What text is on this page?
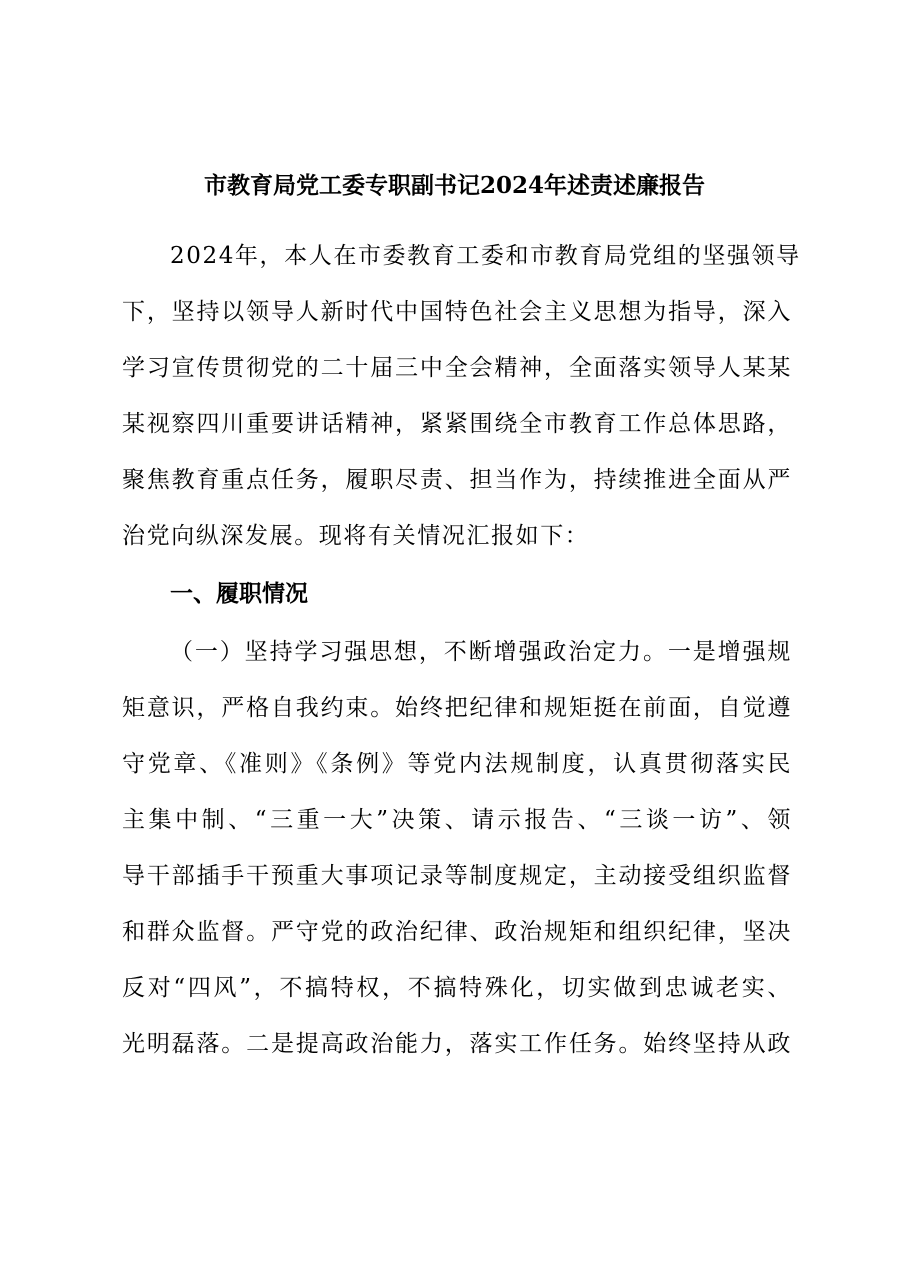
市教育局党工委专职副书记2024年述责述廉报告
2024年，本人在市委教育工委和市教育局党组的坚强领导
下，坚持以领导人新时代中国特色社会主义思想为指导，深入
学习宣传贯彻党的二十届三中全会精神，全面落实领导人某某
某视察四川重要讲话精神，紧紧围绕全市教育工作总体思路，
聚焦教育重点任务，履职尽责、担当作为，持续推进全面从严
治党向纵深发展。现将有关情况汇报如下：
一、履职情况
（一）坚持学习强思想，不断增强政治定力。一是增强规
矩意识，严格自我约束。始终把纪律和规矩挺在前面，自觉遵
守党章、《准则》《条例》等党内法规制度，认真贯彻落实民
主集中制、“三重一大”决策、请示报告、“三谈一访”、领
导干部插手干预重大事项记录等制度规定，主动接受组织监督
和群众监督。严守党的政治纪律、政治规矩和组织纪律，坚决
反对“四风”，不搞特权，不搞特殊化，切实做到忠诚老实、
光明磊落。二是提高政治能力，落实工作任务。始终坚持从政
